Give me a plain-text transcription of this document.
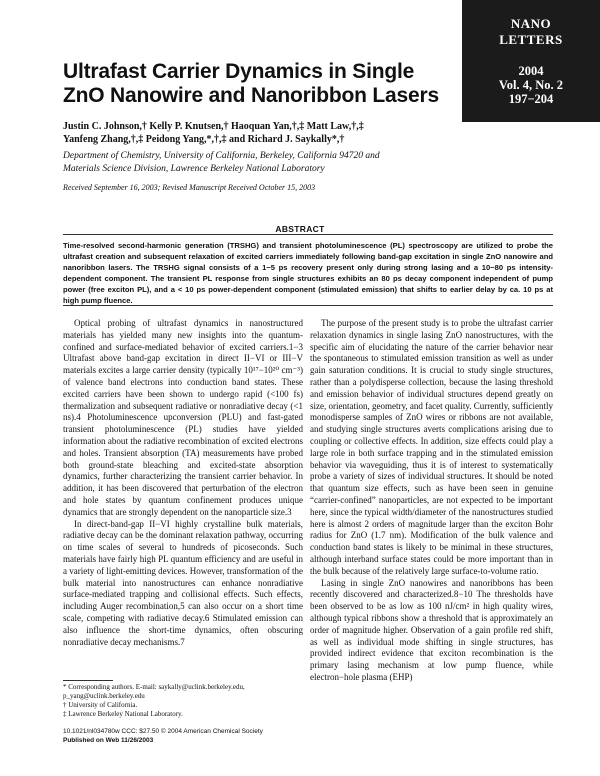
NANO
LETTERS
2004
Vol. 4, No. 2
197−204
Ultrafast Carrier Dynamics in Single ZnO Nanowire and Nanoribbon Lasers
Justin C. Johnson,† Kelly P. Knutsen,† Haoquan Yan,†,‡ Matt Law,†,‡
Yanfeng Zhang,†,‡ Peidong Yang,*,†,‡ and Richard J. Saykally*,†
Department of Chemistry, University of California, Berkeley, California 94720 and
Materials Science Division, Lawrence Berkeley National Laboratory
Received September 16, 2003; Revised Manuscript Received October 15, 2003
ABSTRACT
Time-resolved second-harmonic generation (TRSHG) and transient photoluminescence (PL) spectroscopy are utilized to probe the ultrafast creation and subsequent relaxation of excited carriers immediately following band-gap excitation in single ZnO nanowire and nanoribbon lasers. The TRSHG signal consists of a 1−5 ps recovery present only during strong lasing and a 10−80 ps intensity-dependent component. The transient PL response from single structures exhibits an 80 ps decay component independent of pump power (free exciton PL), and a < 10 ps power-dependent component (stimulated emission) that shifts to earlier delay by ca. 10 ps at high pump fluence.

Optical probing of ultrafast dynamics in nanostructured materials has yielded many new insights into the quantum-confined and surface-mediated behavior of excited carriers.1−3 Ultrafast above band-gap excitation in direct II−VI or III−V materials excites a large carrier density (typically 10¹⁷−10²⁰ cm⁻³) of valence band electrons into conduction band states. These excited carriers have been shown to undergo rapid (<100 fs) thermalization and subsequent radiative or nonradiative decay (<1 ns).4 Photoluminescence upconversion (PLU) and fast-gated transient photoluminescence (PL) studies have yielded information about the radiative recombination of excited electrons and holes. Transient absorption (TA) measurements have probed both ground-state bleaching and excited-state absorption dynamics, further characterizing the transient carrier behavior. In addition, it has been discovered that perturbation of the electron and hole states by quantum confinement produces unique dynamics that are strongly dependent on the nanoparticle size.3

In direct-band-gap II−VI highly crystalline bulk materials, radiative decay can be the dominant relaxation pathway, occurring on time scales of several to hundreds of picoseconds. Such materials have fairly high PL quantum efficiency and are useful in a variety of light-emitting devices. However, transformation of the bulk material into nanostructures can enhance nonradiative surface-mediated trapping and collisional effects. Such effects, including Auger recombination,5 can also occur on a short time scale, competing with radiative decay.6 Stimulated emission can also influence the short-time dynamics, often obscuring nonradiative decay mechanisms.7

The purpose of the present study is to probe the ultrafast carrier relaxation dynamics in single lasing ZnO nanostructures, with the specific aim of elucidating the nature of the carrier behavior near the spontaneous to stimulated emission transition as well as under gain saturation conditions. It is crucial to study single structures, rather than a polydisperse collection, because the lasing threshold and emission behavior of individual structures depend greatly on size, orientation, geometry, and facet quality. Currently, sufficiently monodisperse samples of ZnO wires or ribbons are not available, and studying single structures averts complications arising due to coupling or collective effects. In addition, size effects could play a large role in both surface trapping and in the stimulated emission behavior via waveguiding, thus it is of interest to systematically probe a variety of sizes of individual structures. It should be noted that quantum size effects, such as have been seen in genuine “carrier-confined” nanoparticles, are not expected to be important here, since the typical width/diameter of the nanostructures studied here is almost 2 orders of magnitude larger than the exciton Bohr radius for ZnO (1.7 nm). Modification of the bulk valence and conduction band states is likely to be minimal in these structures, although interband surface states could be more important than in the bulk because of the relatively large surface-to-volume ratio.

Lasing in single ZnO nanowires and nanoribbons has been recently discovered and characterized.8−10 The thresholds have been observed to be as low as 100 nJ/cm² in high quality wires, although typical ribbons show a threshold that is approximately an order of magnitude higher. Observation of a gain profile red shift, as well as individual mode shifting in single structures, has provided indirect evidence that exciton recombination is the primary lasing mechanism at low pump fluence, while electron−hole plasma (EHP)

* Corresponding authors. E-mail: saykally@uclink.berkeley.edu, p_yang@uclink.berkeley.edu
† University of California.
‡ Lawrence Berkeley National Laboratory.
10.1021/nl034780w CCC: $27.50 © 2004 American Chemical Society
Published on Web 11/26/2003
